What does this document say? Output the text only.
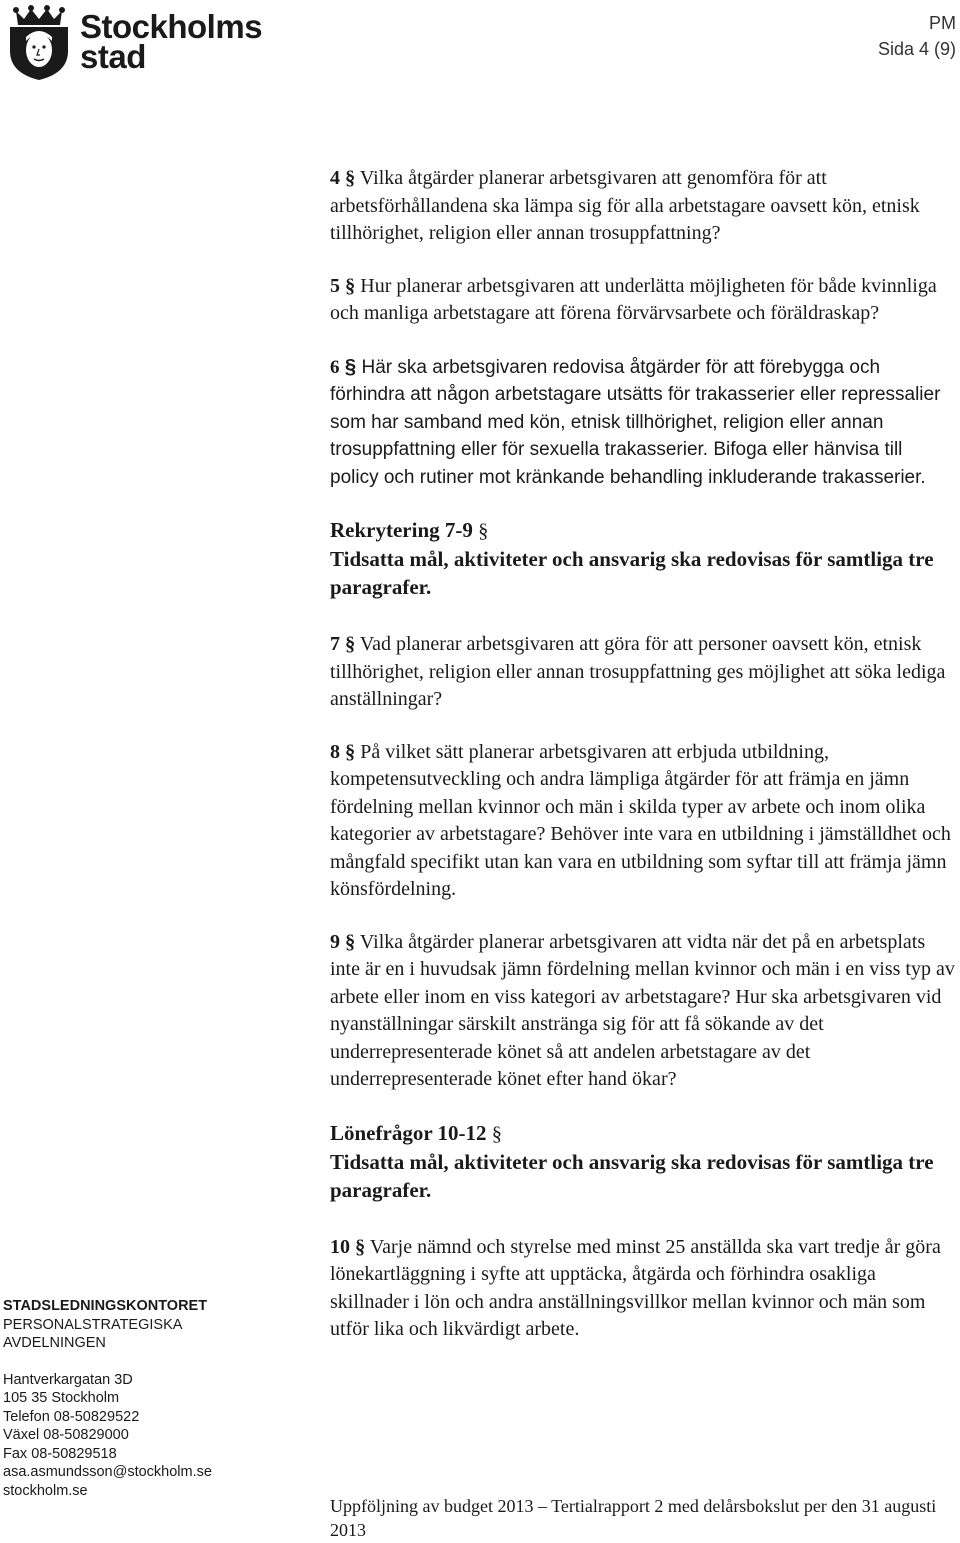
Stockholms
stad
PM
Sida 4 (9)

4 § Vilka åtgärder planerar arbetsgivaren att genomföra för att arbetsförhållandena ska lämpa sig för alla arbetstagare oavsett kön, etnisk tillhörighet, religion eller annan trosuppfattning?

5 § Hur planerar arbetsgivaren att underlätta möjligheten för både kvinnliga och manliga arbetstagare att förena förvärvsarbete och föräldraskap?

6 § Här ska arbetsgivaren redovisa åtgärder för att förebygga och förhindra att någon arbetstagare utsätts för trakasserier eller repressalier som har samband med kön, etnisk tillhörighet, religion eller annan trosuppfattning eller för sexuella trakasserier. Bifoga eller hänvisa till policy och rutiner mot kränkande behandling inkluderande trakasserier.

Rekrytering 7-9 §
Tidsatta mål, aktiviteter och ansvarig ska redovisas för samtliga tre paragrafer.

7 § Vad planerar arbetsgivaren att göra för att personer oavsett kön, etnisk tillhörighet, religion eller annan trosuppfattning ges möjlighet att söka lediga anställningar?

8 § På vilket sätt planerar arbetsgivaren att erbjuda utbildning, kompetensutveckling och andra lämpliga åtgärder för att främja en jämn fördelning mellan kvinnor och män i skilda typer av arbete och inom olika kategorier av arbetstagare? Behöver inte vara en utbildning i jämställdhet och mångfald specifikt utan kan vara en utbildning som syftar till att främja jämn könsfördelning.

9 § Vilka åtgärder planerar arbetsgivaren att vidta när det på en arbetsplats inte är en i huvudsak jämn fördelning mellan kvinnor och män i en viss typ av arbete eller inom en viss kategori av arbetstagare? Hur ska arbetsgivaren vid nyanställningar särskilt anstränga sig för att få sökande av det underrepresenterade könet så att andelen arbetstagare av det underrepresenterade könet efter hand ökar?

Lönefrågor 10-12 §
Tidsatta mål, aktiviteter och ansvarig ska redovisas för samtliga tre paragrafer.

10 § Varje nämnd och styrelse med minst 25 anställda ska vart tredje år göra lönekartläggning i syfte att upptäcka, åtgärda och förhindra osakliga skillnader i lön och andra anställningsvillkor mellan kvinnor och män som utför lika och likvärdigt arbete.

STADSLEDNINGSKONTORET
PERSONALSTRATEGISKA
AVDELNINGEN
Hantverkargatan 3D
105 35 Stockholm
Telefon 08-50829522
Växel 08-50829000
Fax 08-50829518
asa.asmundsson@stockholm.se
stockholm.se
Uppföljning av budget 2013 – Tertialrapport 2 med delårsbokslut per den 31 augusti 2013
